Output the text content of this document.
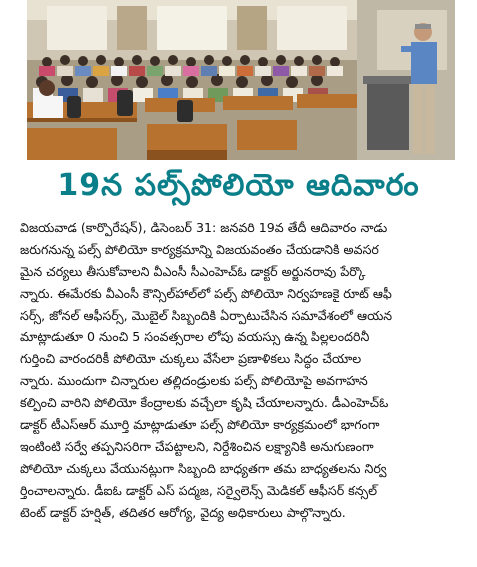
19న పల్స్‌పోలియో ఆదివారం
విజయవాడ (కార్పొరేషన్), డిసెంబర్ 31: జనవరి 19వ తేదీ ఆదివారం నాడు
జరుగనున్న పల్స్ పోలియో కార్యక్రమాన్ని విజయవంతం చేయడానికి అవసర
మైన చర్యలు తీసుకోవాలని వీఎంసీ సీఎంహెచ్ఓ డాక్టర్ అర్జునరావు పేర్కొ
న్నారు. ఈమేరకు వీఎంసీ కౌన్సిల్‌హాల్‌లో పల్స్ పోలియో నిర్వహణకై రూట్ ఆఫీ
సర్స్, జోనల్ ఆఫీసర్స్, మొబైల్ సిబ్బందికి ఏర్పాటుచేసిన సమావేశంలో ఆయన
మాట్లాడుతూ 0 నుంచి 5 సంవత్సరాల లోపు వయస్సు ఉన్న పిల్లలందరినీ
గుర్తించి వారందరికీ పోలియో చుక్కలు వేసేలా ప్రణాళికలు సిద్ధం చేయాల
న్నారు. ముందుగా చిన్నారుల తల్లిదండ్రులకు పల్స్ పోలియోపై అవగాహన
కల్పించి వారిని పోలియో కేంద్రాలకు వచ్చేలా కృషి చేయాలన్నారు. డీఎంహెచ్ఓ
డాక్టర్ టీఎస్ఆర్ మూర్తి మాట్లాడుతూ పల్స్ పోలియో కార్యక్రమంలో భాగంగా
ఇంటింటి సర్వే తప్పనిసరిగా చేపట్టాలని, నిర్దేశించిన లక్ష్యానికి అనుగుణంగా
పోలియో చుక్కలు వేయునట్లుగా సిబ్బంది బాధ్యతగా తమ బాధ్యతలను నిర్వ
ర్తించాలన్నారు. డీఐఓ డాక్టర్ ఎస్ పద్మజ, సర్వైలెన్స్ మెడికల్ ఆఫీసర్ కన్సల్
టెంట్ డాక్టర్ హర్షిత్, తదితర ఆరోగ్య, వైద్య అధికారులు పాల్గొన్నారు.
